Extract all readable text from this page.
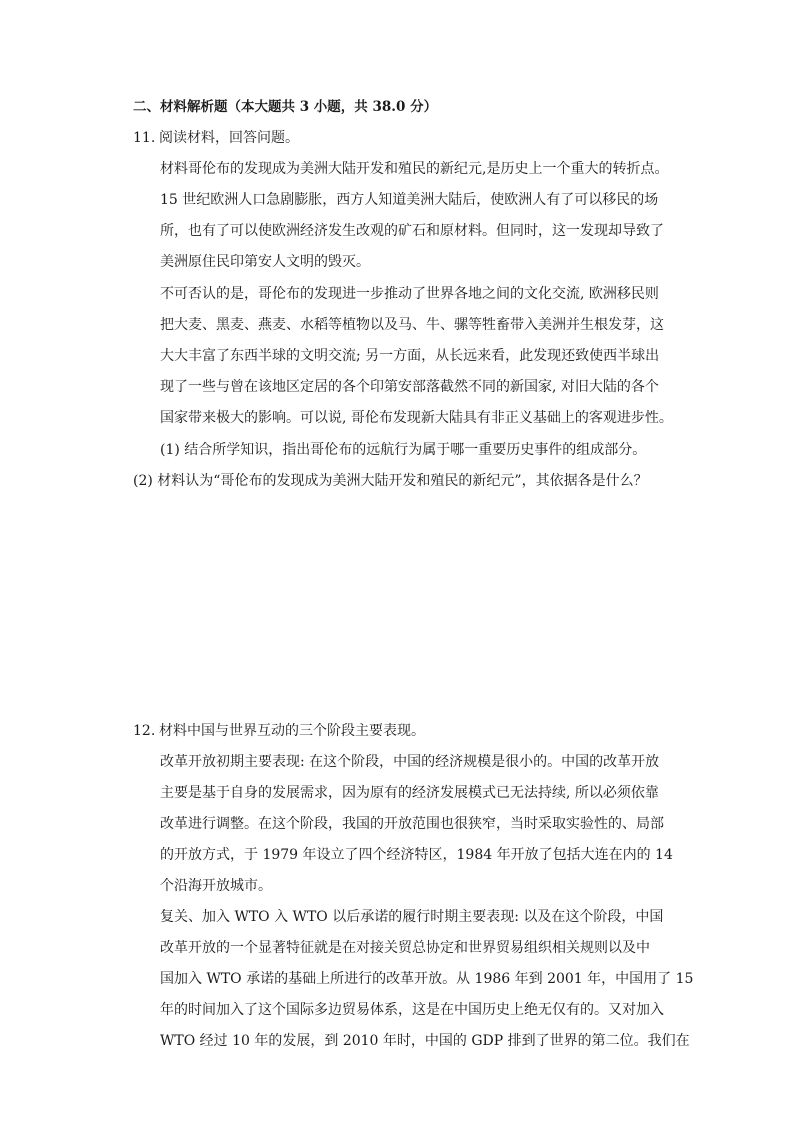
二、材料解析题（本大题共 3 小题，共 38.0 分）
11. 阅读材料，回答问题。
材料哥伦布的发现成为美洲大陆开发和殖民的新纪元,是历史上一个重大的转折点。
15 世纪欧洲人口急剧膨胀，西方人知道美洲大陆后，使欧洲人有了可以移民的场
所，也有了可以使欧洲经济发生改观的矿石和原材料。但同时，这一发现却导致了
美洲原住民印第安人文明的毁灭。
不可否认的是，哥伦布的发现进一步推动了世界各地之间的文化交流, 欧洲移民则
把大麦、黑麦、燕麦、水稻等植物以及马、牛、骡等牲畜带入美洲并生根发芽，这
大大丰富了东西半球的文明交流; 另一方面，从长远来看，此发现还致使西半球出
现了一些与曾在该地区定居的各个印第安部落截然不同的新国家, 对旧大陆的各个
国家带来极大的影响。可以说, 哥伦布发现新大陆具有非正义基础上的客观进步性。
(1) 结合所学知识，指出哥伦布的远航行为属于哪一重要历史事件的组成部分。
(2) 材料认为“哥伦布的发现成为美洲大陆开发和殖民的新纪元”，其依据各是什么？
12. 材料中国与世界互动的三个阶段主要表现。
改革开放初期主要表现: 在这个阶段，中国的经济规模是很小的。中国的改革开放
主要是基于自身的发展需求，因为原有的经济发展模式已无法持续, 所以必须依靠
改革进行调整。在这个阶段，我国的开放范围也很狭窄，当时采取实验性的、局部
的开放方式，于 1979 年设立了四个经济特区，1984 年开放了包括大连在内的 14
个沿海开放城市。
复关、加入 WTO 入 WTO 以后承诺的履行时期主要表现: 以及在这个阶段，中国
改革开放的一个显著特征就是在对接关贸总协定和世界贸易组织相关规则以及中
国加入 WTO 承诺的基础上所进行的改革开放。从 1986 年到 2001 年，中国用了 15
年的时间加入了这个国际多边贸易体系，这是在中国历史上绝无仅有的。又对加入
WTO 经过 10 年的发展，到 2010 年时，中国的 GDP 排到了世界的第二位。我们在
